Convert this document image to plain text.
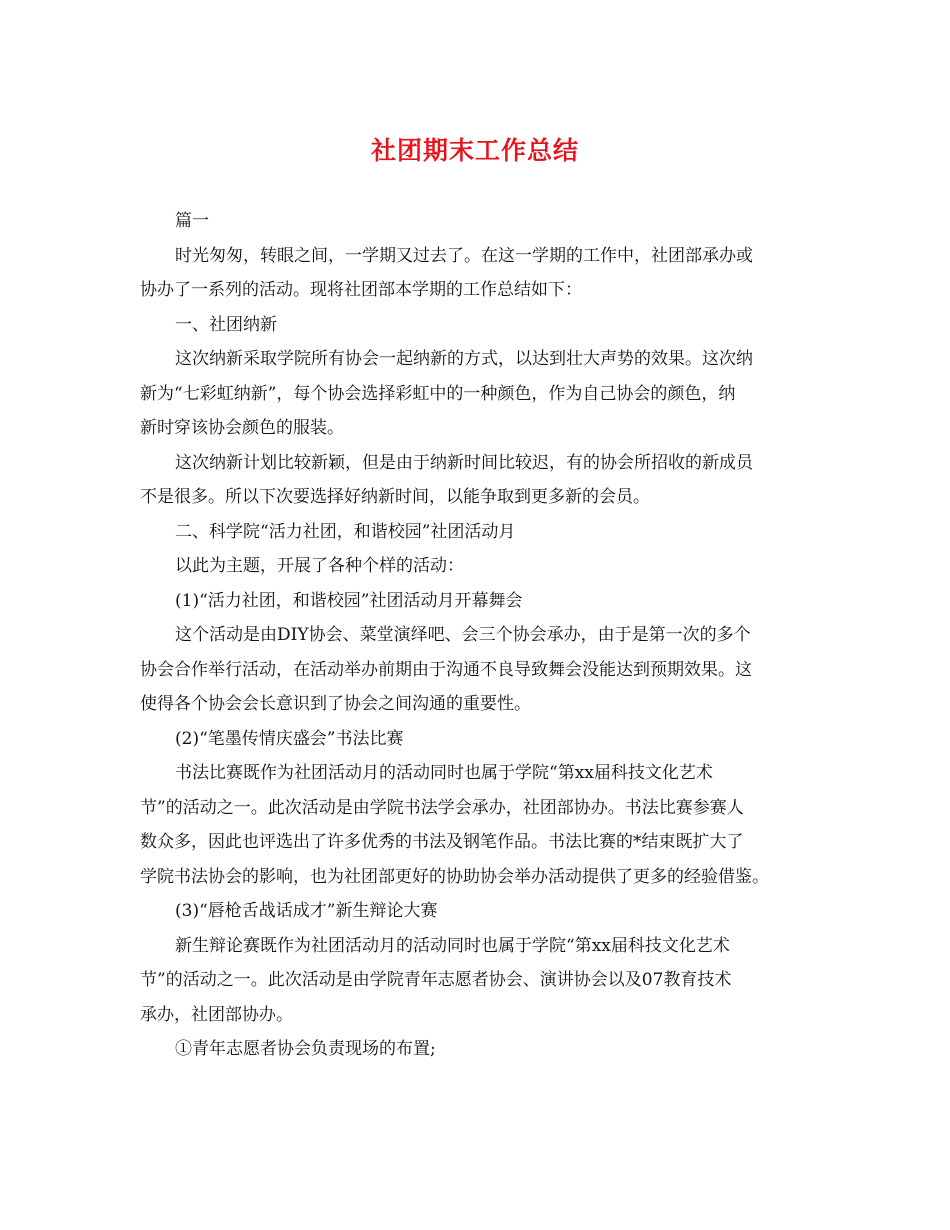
社团期末工作总结

篇一

时光匆匆，转眼之间，一学期又过去了。在这一学期的工作中，社团部承办或
协办了一系列的活动。现将社团部本学期的工作总结如下：

一、社团纳新

这次纳新采取学院所有协会一起纳新的方式，以达到壮大声势的效果。这次纳
新为“七彩虹纳新”，每个协会选择彩虹中的一种颜色，作为自己协会的颜色，纳
新时穿该协会颜色的服装。

这次纳新计划比较新颖，但是由于纳新时间比较迟，有的协会所招收的新成员
不是很多。所以下次要选择好纳新时间，以能争取到更多新的会员。

二、科学院“活力社团，和谐校园”社团活动月

以此为主题，开展了各种个样的活动：

(1)“活力社团，和谐校园”社团活动月开幕舞会

这个活动是由DIY协会、菜堂演绎吧、会三个协会承办，由于是第一次的多个
协会合作举行活动，在活动举办前期由于沟通不良导致舞会没能达到预期效果。这
使得各个协会会长意识到了协会之间沟通的重要性。

(2)“笔墨传情庆盛会”书法比赛

书法比赛既作为社团活动月的活动同时也属于学院“第xx届科技文化艺术
节”的活动之一。此次活动是由学院书法学会承办，社团部协办。书法比赛参赛人
数众多，因此也评选出了许多优秀的书法及钢笔作品。书法比赛的*结束既扩大了
学院书法协会的影响，也为社团部更好的协助协会举办活动提供了更多的经验借鉴。

(3)“唇枪舌战话成才”新生辩论大赛

新生辩论赛既作为社团活动月的活动同时也属于学院“第xx届科技文化艺术
节”的活动之一。此次活动是由学院青年志愿者协会、演讲协会以及07教育技术
承办，社团部协办。

①青年志愿者协会负责现场的布置;
